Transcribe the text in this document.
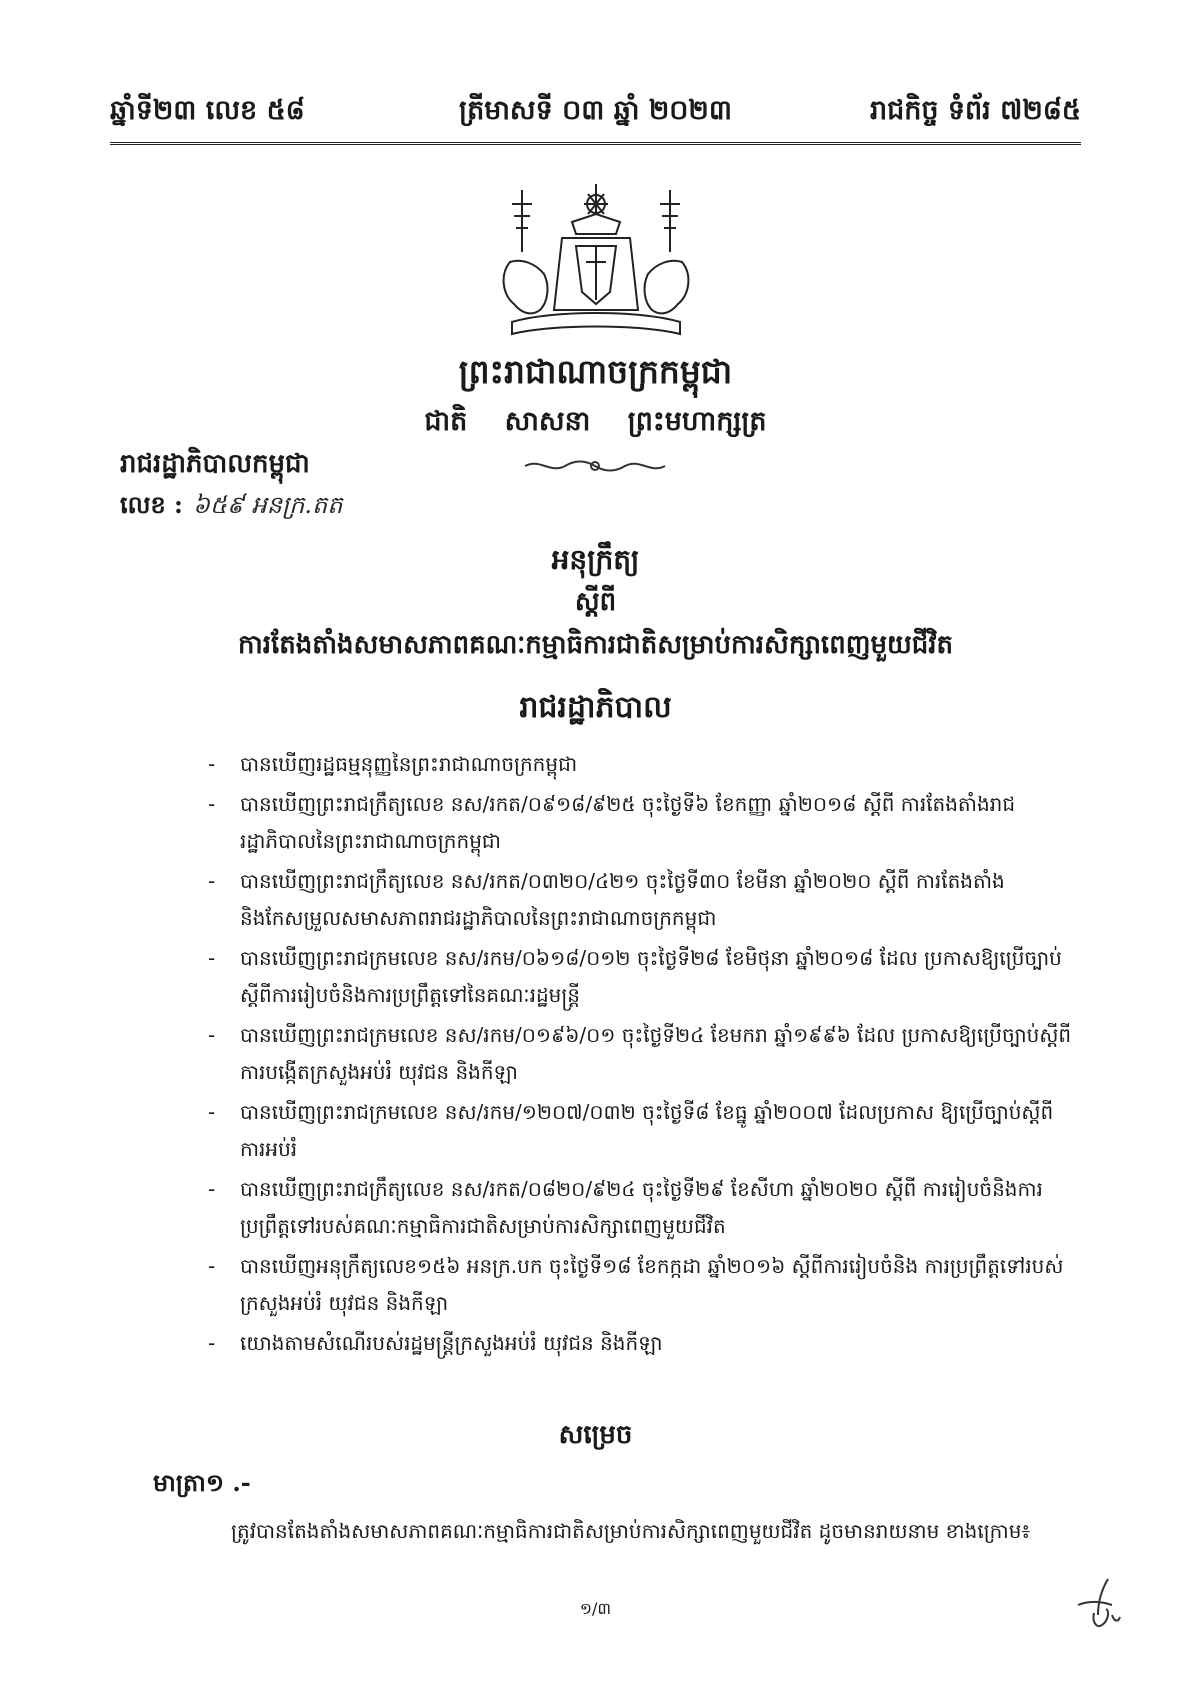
ឆ្នាំទី២៣ លេខ ៥៨	ត្រីមាសទី ០៣ ឆ្នាំ ២០២៣	រាជកិច្ច ទំព័រ ៧២៨៥
ព្រះរាជាណាចក្រកម្ពុជា
ជាតិ សាសនា ព្រះមហាក្សត្រ
រាជរដ្ឋាភិបាលកម្ពុជា
លេខ : ៦៥៩ អនក្រ.តត
អនុក្រឹត្យ
ស្តីពី
ការតែងតាំងសមាសភាពគណៈកម្មាធិការជាតិសម្រាប់ការសិក្សាពេញមួយជីវិត
រាជរដ្ឋាភិបាល
- បានឃើញរដ្ឋធម្មនុញ្ញនៃព្រះរាជាណាចក្រកម្ពុជា
- បានឃើញព្រះរាជក្រឹត្យលេខ នស/រកត/០៩១៨/៩២៥ ចុះថ្ងៃទី៦ ខែកញ្ញា ឆ្នាំ២០១៨ ស្តីពី ការតែងតាំងរាជរដ្ឋាភិបាលនៃព្រះរាជាណាចក្រកម្ពុជា
- បានឃើញព្រះរាជក្រឹត្យលេខ នស/រកត/០៣២០/៤២១ ចុះថ្ងៃទី៣០ ខែមីនា ឆ្នាំ២០២០ ស្តីពី ការតែងតាំងនិងកែសម្រួលសមាសភាពរាជរដ្ឋាភិបាលនៃព្រះរាជាណាចក្រកម្ពុជា
- បានឃើញព្រះរាជក្រមលេខ នស/រកម/០៦១៨/០១២ ចុះថ្ងៃទី២៨ ខែមិថុនា ឆ្នាំ២០១៨ ដែល ប្រកាសឱ្យប្រើច្បាប់ស្តីពីការរៀបចំនិងការប្រព្រឹត្តទៅនៃគណៈរដ្ឋមន្ត្រី
- បានឃើញព្រះរាជក្រមលេខ នស/រកម/០១៩៦/០១ ចុះថ្ងៃទី២៤ ខែមករា ឆ្នាំ១៩៩៦ ដែល ប្រកាសឱ្យប្រើច្បាប់ស្តីពីការបង្កើតក្រសួងអប់រំ យុវជន និងកីឡា
- បានឃើញព្រះរាជក្រមលេខ នស/រកម/១២០៧/០៣២ ចុះថ្ងៃទី៨ ខែធ្នូ ឆ្នាំ២០០៧ ដែលប្រកាស ឱ្យប្រើច្បាប់ស្តីពីការអប់រំ
- បានឃើញព្រះរាជក្រឹត្យលេខ នស/រកត/០៨២០/៩២៤ ចុះថ្ងៃទី២៩ ខែសីហា ឆ្នាំ២០២០ ស្តីពី ការរៀបចំនិងការប្រព្រឹត្តទៅរបស់គណៈកម្មាធិការជាតិសម្រាប់ការសិក្សាពេញមួយជីវិត
- បានឃើញអនុក្រឹត្យលេខ១៥៦ អនក្រ.បក ចុះថ្ងៃទី១៨ ខែកក្កដា ឆ្នាំ២០១៦ ស្តីពីការរៀបចំនិង ការប្រព្រឹត្តទៅរបស់ក្រសួងអប់រំ យុវជន និងកីឡា
- យោងតាមសំណើរបស់រដ្ឋមន្ត្រីក្រសួងអប់រំ យុវជន និងកីឡា
សម្រេច
មាត្រា១ .-
ត្រូវបានតែងតាំងសមាសភាពគណៈកម្មាធិការជាតិសម្រាប់ការសិក្សាពេញមួយជីវិត ដូចមានរាយនាម ខាងក្រោម៖
១/៣
